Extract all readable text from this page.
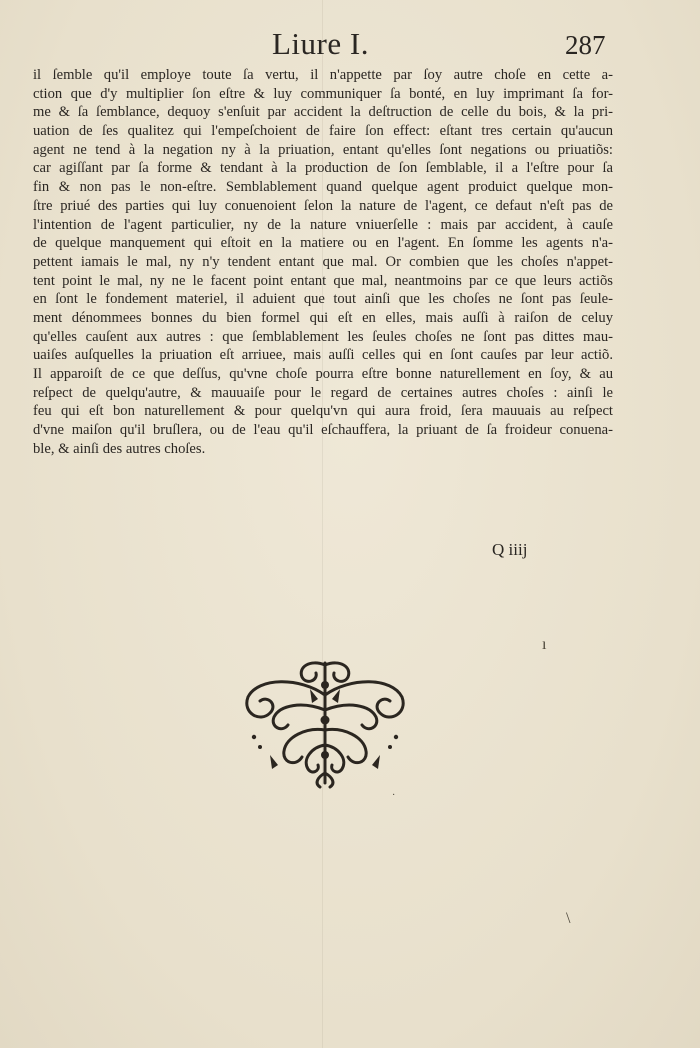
Liure I.	287
il ſemble qu'il employe toute ſa vertu, il n'appette par ſoy autre choſe en cette a-
ction que d'y multiplier ſon eſtre & luy communiquer ſa bonté, en luy imprimant ſa for-
me & ſa ſemblance, dequoy s'enſuit par accident la deſtruction de celle du bois, & la pri-
uation de ſes qualitez qui l'empeſchoient de faire ſon effect: eſtant tres certain qu'aucun
agent ne tend à la negation ny à la priuation, entant qu'elles ſont negations ou priuatiõs:
car agiſſant par ſa forme & tendant à la production de ſon ſemblable, il a l'eſtre pour ſa
fin & non pas le non-eſtre. Semblablement quand quelque agent produict quelque mon-
ſtre priué des parties qui luy conuenoient ſelon la nature de l'agent, ce defaut n'eſt pas de
l'intention de l'agent particulier, ny de la nature vniuerſelle : mais par accident, à cauſe
de quelque manquement qui eſtoit en la matiere ou en l'agent. En ſomme les agents n'a-
pettent iamais le mal, ny n'y tendent entant que mal. Or combien que les choſes n'appet-
tent point le mal, ny ne le facent point entant que mal, neantmoins par ce que leurs actiõs
en ſont le fondement materiel, il aduient que tout ainſi que les choſes ne ſont pas ſeule-
ment dénommees bonnes du bien formel qui eſt en elles, mais auſſi à raiſon de celuy
qu'elles cauſent aux autres : que ſemblablement les ſeules choſes ne ſont pas dittes mau-
uaiſes auſquelles la priuation eſt arriuee, mais auſſi celles qui en ſont cauſes par leur actiõ.
Il apparoiſt de ce que deſſus, qu'vne choſe pourra eſtre bonne naturellement en ſoy, & au
reſpect de quelqu'autre, & mauuaiſe pour le regard de certaines autres choſes : ainſi le
feu qui eſt bon naturellement & pour quelqu'vn qui aura froid, ſera mauuais au reſpect
d'vne maiſon qu'il bruſlera, ou de l'eau qu'il eſchauffera, la priuant de ſa froideur conuena-
ble, & ainſi des autres choſes.
Q iiij
ı
·
\
